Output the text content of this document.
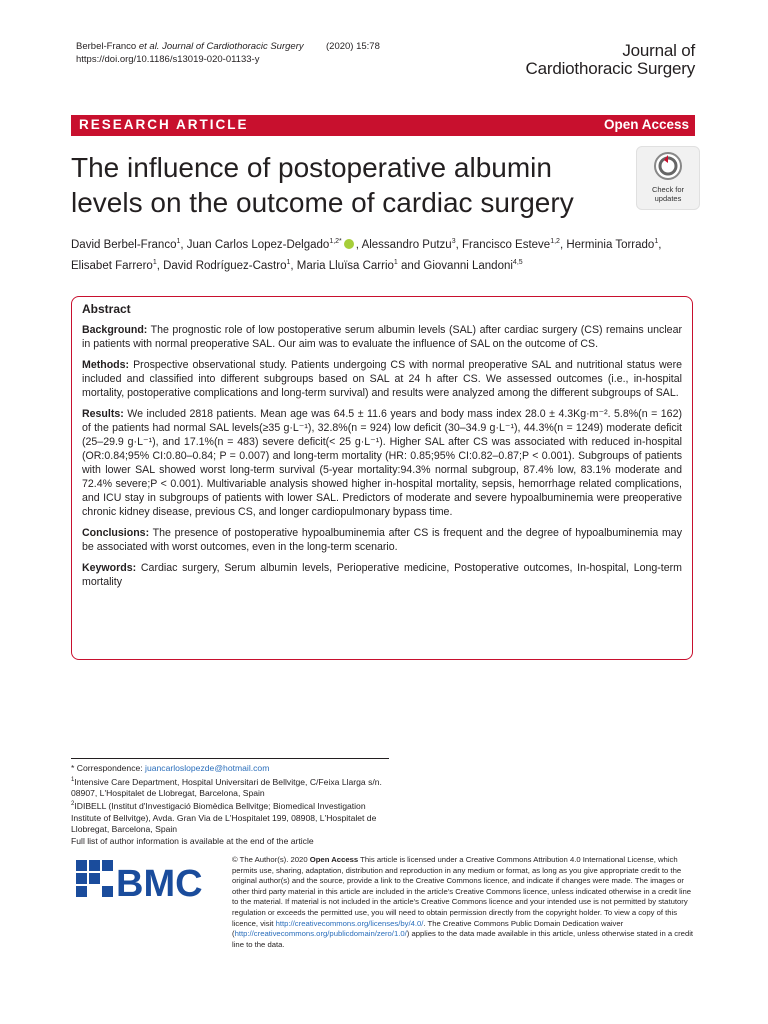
Berbel-Franco et al. Journal of Cardiothoracic Surgery (2020) 15:78
https://doi.org/10.1186/s13019-020-01133-y	Journal of
Cardiothoracic Surgery
RESEARCH ARTICLE	Open Access
The influence of postoperative albumin levels on the outcome of cardiac surgery	Check for
updates
David Berbel-Franco$^1$, Juan Carlos Lopez-Delgado$^{1,2*}$ , Alessandro Putzu$^3$, Francisco Esteve$^{1,2}$, Herminia Torrado$^1$, Elisabet Farrero$^1$, David Rodríguez-Castro$^1$, Maria Lluïsa Carrio$^1$ and Giovanni Landoni$^{4,5}$

Abstract

Background: The prognostic role of low postoperative serum albumin levels (SAL) after cardiac surgery (CS) remains unclear in patients with normal preoperative SAL. Our aim was to evaluate the influence of SAL on the outcome of CS.

Methods: Prospective observational study. Patients undergoing CS with normal preoperative SAL and nutritional status were included and classified into different subgroups based on SAL at 24 h after CS. We assessed outcomes (i.e., in-hospital mortality, postoperative complications and long-term survival) and results were analyzed among the different subgroups of SAL.

Results: We included 2818 patients. Mean age was 64.5 ± 11.6 years and body mass index 28.0 ± 4.3Kg·m⁻². 5.8%(n = 162) of the patients had normal SAL levels(≥35 g·L⁻¹), 32.8%(n = 924) low deficit (30–34.9 g·L⁻¹), 44.3%(n = 1249) moderate deficit (25–29.9 g·L⁻¹), and 17.1%(n = 483) severe deficit(< 25 g·L⁻¹). Higher SAL after CS was associated with reduced in-hospital (OR:0.84;95% CI:0.80–0.84; P = 0.007) and long-term mortality (HR: 0.85;95% CI:0.82–0.87;P < 0.001). Subgroups of patients with lower SAL showed worst long-term survival (5-year mortality:94.3% normal subgroup, 87.4% low, 83.1% moderate and 72.4% severe;P < 0.001). Multivariable analysis showed higher in-hospital mortality, sepsis, hemorrhage related complications, and ICU stay in subgroups of patients with lower SAL. Predictors of moderate and severe hypoalbuminemia were preoperative chronic kidney disease, previous CS, and longer cardiopulmonary bypass time.

Conclusions: The presence of postoperative hypoalbuminemia after CS is frequent and the degree of hypoalbuminemia may be associated with worst outcomes, even in the long-term scenario.

Keywords: Cardiac surgery, Serum albumin levels, Perioperative medicine, Postoperative outcomes, In-hospital, Long-term mortality

* Correspondence: juancarloslopezde@hotmail.com

$^1$Intensive Care Department, Hospital Universitari de Bellvitge, C/Feixa Llarga s/n. 08907, L'Hospitalet de Llobregat, Barcelona, Spain

$^2$IDIBELL (Institut d'Investigació Biomèdica Bellvitge; Biomedical Investigation Institute of Bellvitge), Avda. Gran Via de L'Hospitalet 199, 08908, L'Hospitalet de Llobregat, Barcelona, Spain

Full list of author information is available at the end of the article

BMC
© The Author(s). 2020 Open Access This article is licensed under a Creative Commons Attribution 4.0 International License, which permits use, sharing, adaptation, distribution and reproduction in any medium or format, as long as you give appropriate credit to the original author(s) and the source, provide a link to the Creative Commons licence, and indicate if changes were made. The images or other third party material in this article are included in the article's Creative Commons licence, unless indicated otherwise in a credit line to the material. If material is not included in the article's Creative Commons licence and your intended use is not permitted by statutory regulation or exceeds the permitted use, you will need to obtain permission directly from the copyright holder. To view a copy of this licence, visit http://creativecommons.org/licenses/by/4.0/. The Creative Commons Public Domain Dedication waiver (http://creativecommons.org/publicdomain/zero/1.0/) applies to the data made available in this article, unless otherwise stated in a credit line to the data.
